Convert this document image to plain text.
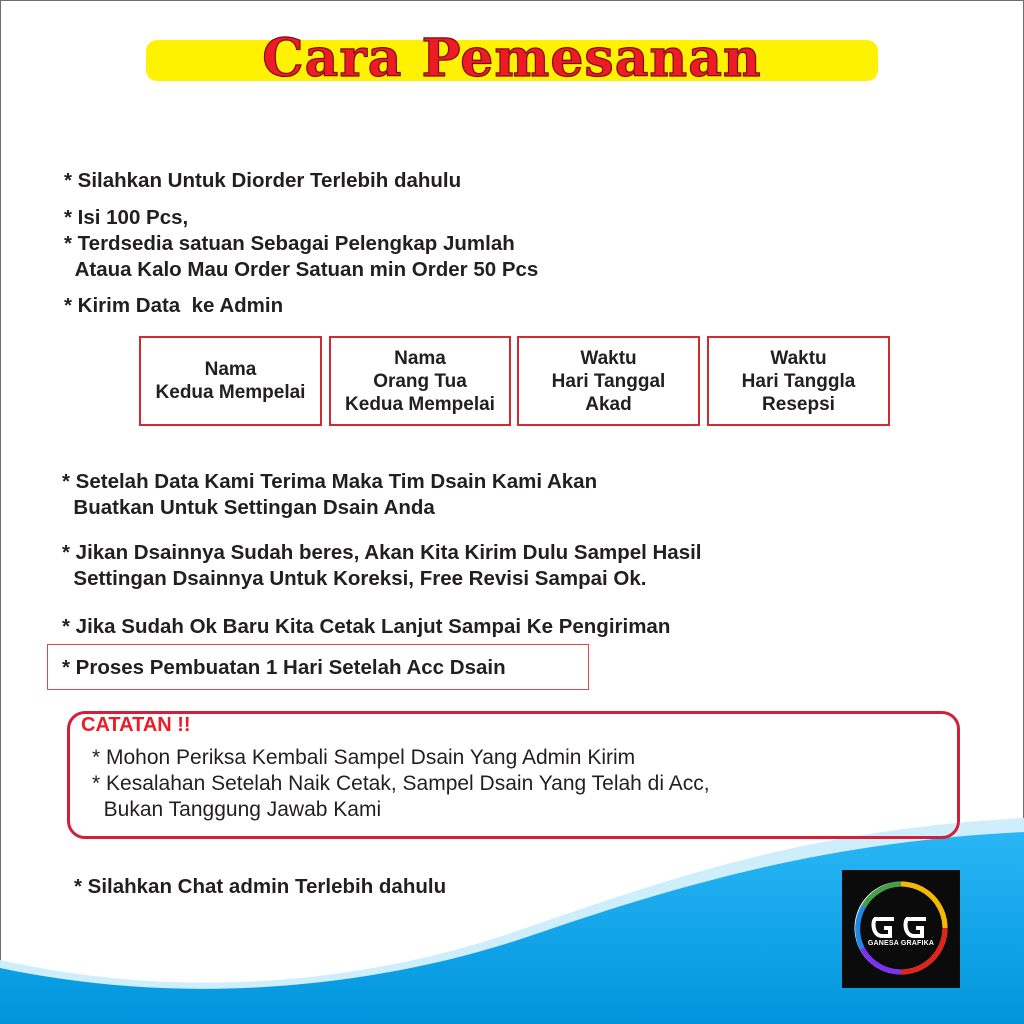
Cara Pemesanan
* Silahkan Untuk Diorder Terlebih dahulu
* Isi 100 Pcs,
* Terdsedia satuan Sebagai Pelengkap Jumlah
Ataua Kalo Mau Order Satuan min Order 50 Pcs
* Kirim Data  ke Admin
Nama
Kedua Mempelai
Nama
Orang Tua
Kedua Mempelai
Waktu
Hari Tanggal
Akad
Waktu
Hari Tanggla
Resepsi
* Setelah Data Kami Terima Maka Tim Dsain Kami Akan
Buatkan Untuk Settingan Dsain Anda
* Jikan Dsainnya Sudah beres, Akan Kita Kirim Dulu Sampel Hasil
Settingan Dsainnya Untuk Koreksi, Free Revisi Sampai Ok.
* Jika Sudah Ok Baru Kita Cetak Lanjut Sampai Ke Pengiriman
* Proses Pembuatan 1 Hari Setelah Acc Dsain
CATATAN !!
* Mohon Periksa Kembali Sampel Dsain Yang Admin Kirim
* Kesalahan Setelah Naik Cetak, Sampel Dsain Yang Telah di Acc,
Bukan Tanggung Jawab Kami
* Silahkan Chat admin Terlebih dahulu
GANESA GRAFIKA
